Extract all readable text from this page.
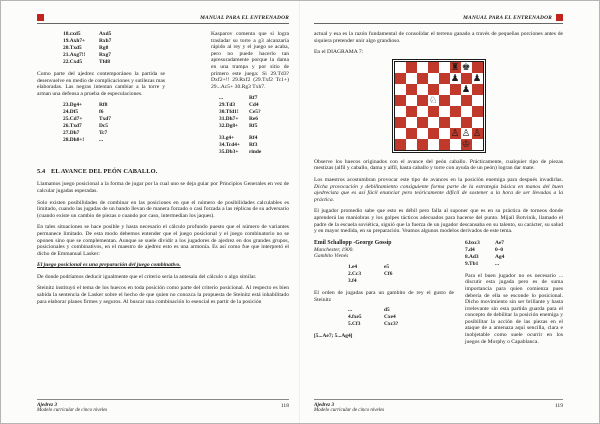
MANUAL PARA EL ENTRENADOR
18.cxd5	Axd5
19.Axh7+	Rxh7
20.Txd5	Rg8
21.Axg7!!	Rxg7
22.Cxd5	Tfd8

Como parte del ajedrez contemporáneo la partida se desenvuelve en medio de complicaciones y sutilezas mas elaboradas. Las negras intentan cambiar a la torre y arman una defensa a prueba de especulaciones.

23.Dg4+	Rf8
24.Df5	f6
25.Cd7+	Txd7
26.Txd7	Dc5
27.Dh7	Tc7
28.Dh8+!	...

Kasparov comenta que si logra trasladar su torre a g3 alcanzaría rápido al rey y el juego se acaba, pero no puede hacerlo tan apresuradamente porque la dama en una trampa y por sitio de primero este juega: Si 29.Td3? Dxf2+!! 29.Rxf2 (29.Txf2 Tc1+) 29...Ac5+ 30.Rg3 Txh7.

...	Rf7
29.Td3	Cd4
30.Tfd1!	Ce5?
31.Dh7+	Re6
32.Dg8+	Rf5
33.g4+	Rf4
34.Tcd4+	Rf3
35.Db3+	rinde
5.4 EL AVANCE DEL PEÓN CABALLO.

Llamamos juego posicional a la forma de jugar por la cual uno se deja guiar por Principios Generales en vez de calcular jugadas esperadas.

Solo existen posibilidades de combinar en las posiciones en que el número de posibilidades calculables es limitado, cuando las jugadas de un bando llevan de manera forzado o casi forzada a las réplicas de su adversario (cuando existe un cambio de piezas o cuando por caso, intermedian los jaques).

En tales situaciones se hace posible y hasta necesario el cálculo profundo puesto que el número de variantes permanece limitado. De esta modo debemos entender que el juego posicional y el juego combinatorio no se oponen sino que se complementan. Aunque se suele dividir a los jugadores de ajedrez en dos grandes grupos, posicionales y combinativos, en el maestro de ajedrez esto es una armonía. Es así como fue que interpretó el dicho de Emmanual Lasker:

El juego posicional es una preparación del juego combinativo.

De donde podríamos deducir igualmente que el criterio sería la antesala del cálculo o algo similar.

Steinitz instituyó el tema de los huecos en toda posición como parte del criterio posicional. Al respecto es bien sabida la sentencia de Lasker sobre el hecho de que quien no conozca la propuesta de Steinitz está inhabilitado para elaborar planes firmes y seguros. Al buscar una combinación lo esencial es partir de la posición

Ajedrez 3
Modelo curricular de cinco niveles
118
MANUAL PARA EL ENTRENADOR

actual y esa es la razón fundamental de consolidar el terreno ganado a través de pequeñas porciones antes de siquiera pretender unir algo grandioso.

En el DIAGRAMA 7:

♜ ♚
♟ ♟
♟
♘
♙ ♙ ♙
♔

Observe los huecos originados con el avance del peón caballo. Prácticamente, cualquier tipo de piezas mestizas (alfil y caballo, dama y alfil, hasta caballo y torre con ayuda de un peón) logran dar mate.

Los maestros acostumbran provocar este tipo de avances en la posición enemiga para después invadirlas. Dicha provocación y debilitamiento consiguiente forma parte de la estrategia básica en manos del buen ajedrecista que es así fácil enunciar pero teóricamente difícil de sostener a la hora de ser llevadas a la práctica.

El jugador promedio sabe que esto es débil pero falla al suponer que es en su práctica de torneos donde aprenderá las maniobras y los golpes tácticos adecuados para hacerse del punto. Mijaíl Botvinik, llamado el padre de la escuela soviética, siguió que la fuerza de un jugador descansaba en su talento, su carácter, su salud y en mayor medida, en su preparación. Veamos algunos modelos derivados de este tema.

Emil Schallopp -George Gossip
Manchester, 1900.
Gambito Vienés
1.e4	e5
2.Cc3	Cf6
3.f4
El orden de jugadas para un gambito de rey el gusto de Steinitz
...	d5
4.fxe5	Cxe4
5.Cf3	Cxc3?
[5...Ae7; 5...Ag4]
6.bxc3	Ae7
7.d4	0–0
8.Ad3	Ag4
9.Tb1	...

Para el buen jugador no es necesario ... discutir esta jugada pero es de suma importancia para quien comienza pues debería de ella se esconde lo posicional. Dicho movimiento sin ser brillante y hasta irrelevante sin esta partida guarda para el concepto de debilitar la posición enemiga y posibilitar la acción de las piezas en el ataque de a amenaza aquí sencilla, clara e inobjetable como suele ocurrir en los juegos de Morphy o Capablanca.

Ajedrez 3
Modelo curricular de cinco niveles
119
